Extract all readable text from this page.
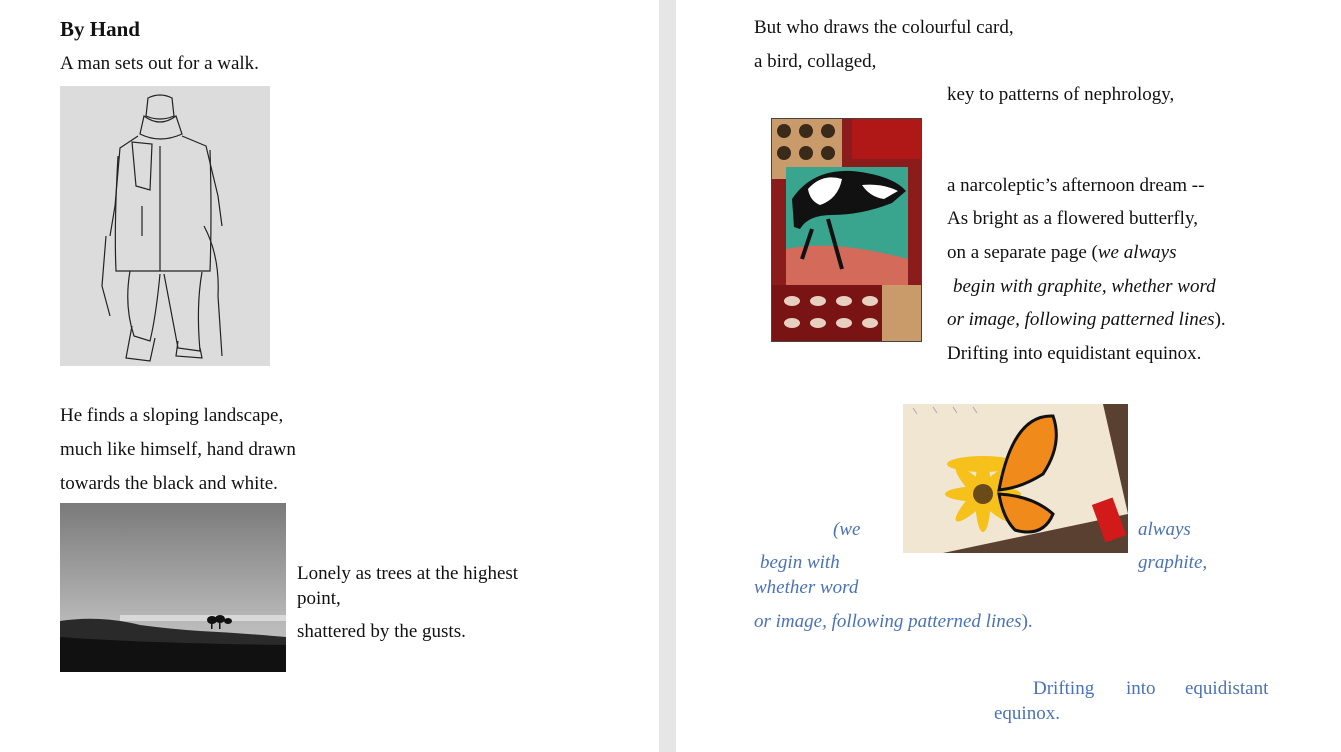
By Hand
A man sets out for a walk.
He finds a sloping landscape,
much like himself, hand drawn
towards the black and white.
Lonely as trees at the highest
point,
shattered by the gusts.
But who draws the colourful card,
a bird, collaged,
key to patterns of nephrology,
a narcoleptic’s afternoon dream --
As bright as a flowered butterfly,
on a separate page (we always
begin with graphite, whether word
or image, following patterned lines).
Drifting into equidistant equinox.
(we	always
begin with	graphite,
whether word
or image, following patterned lines).
Drifting into equidistant
equinox.
